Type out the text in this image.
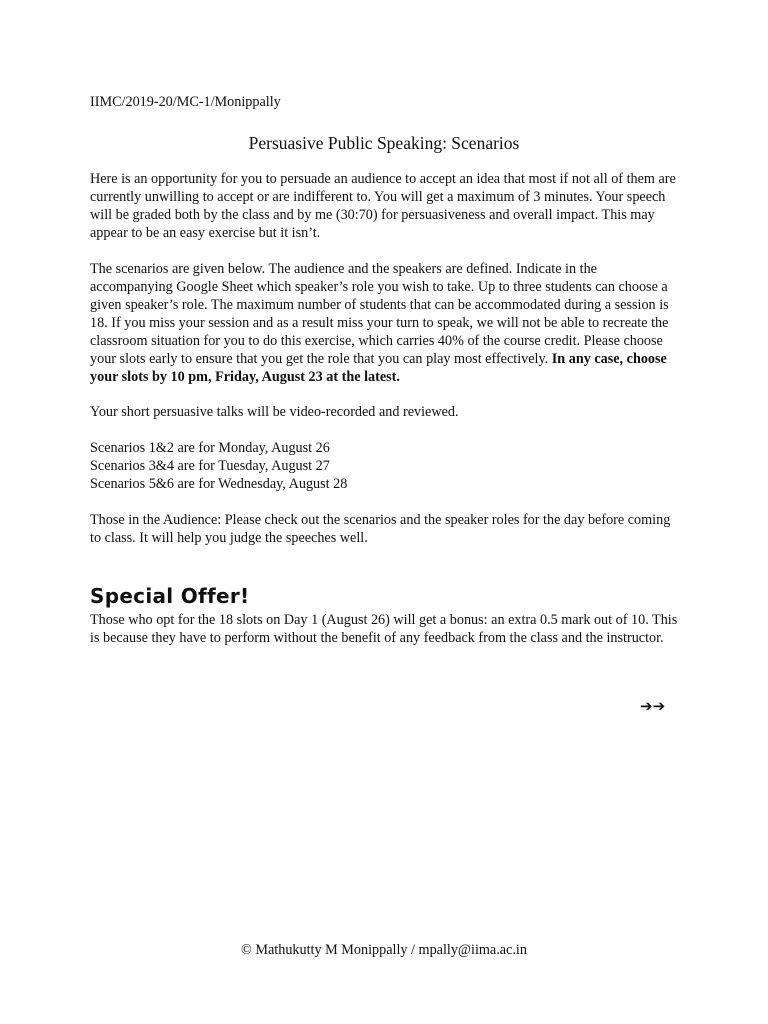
IIMC/2019-20/MC-1/Monippally

Persuasive Public Speaking: Scenarios

Here is an opportunity for you to persuade an audience to accept an idea that most if not all of them are currently unwilling to accept or are indifferent to. You will get a maximum of 3 minutes. Your speech will be graded both by the class and by me (30:70) for persuasiveness and overall impact. This may appear to be an easy exercise but it isn’t.

The scenarios are given below. The audience and the speakers are defined. Indicate in the accompanying Google Sheet which speaker’s role you wish to take. Up to three students can choose a given speaker’s role. The maximum number of students that can be accommodated during a session is 18. If you miss your session and as a result miss your turn to speak, we will not be able to recreate the classroom situation for you to do this exercise, which carries 40% of the course credit. Please choose your slots early to ensure that you get the role that you can play most effectively. In any case, choose your slots by 10 pm, Friday, August 23 at the latest.

Your short persuasive talks will be video-recorded and reviewed.

Scenarios 1&2 are for Monday, August 26
Scenarios 3&4 are for Tuesday, August 27
Scenarios 5&6 are for Wednesday, August 28

Those in the Audience: Please check out the scenarios and the speaker roles for the day before coming to class. It will help you judge the speeches well.

Special Offer!

Those who opt for the 18 slots on Day 1 (August 26) will get a bonus: an extra 0.5 mark out of 10. This is because they have to perform without the benefit of any feedback from the class and the instructor.

➔➔

© Mathukutty M Monippally / mpally@iima.ac.in
